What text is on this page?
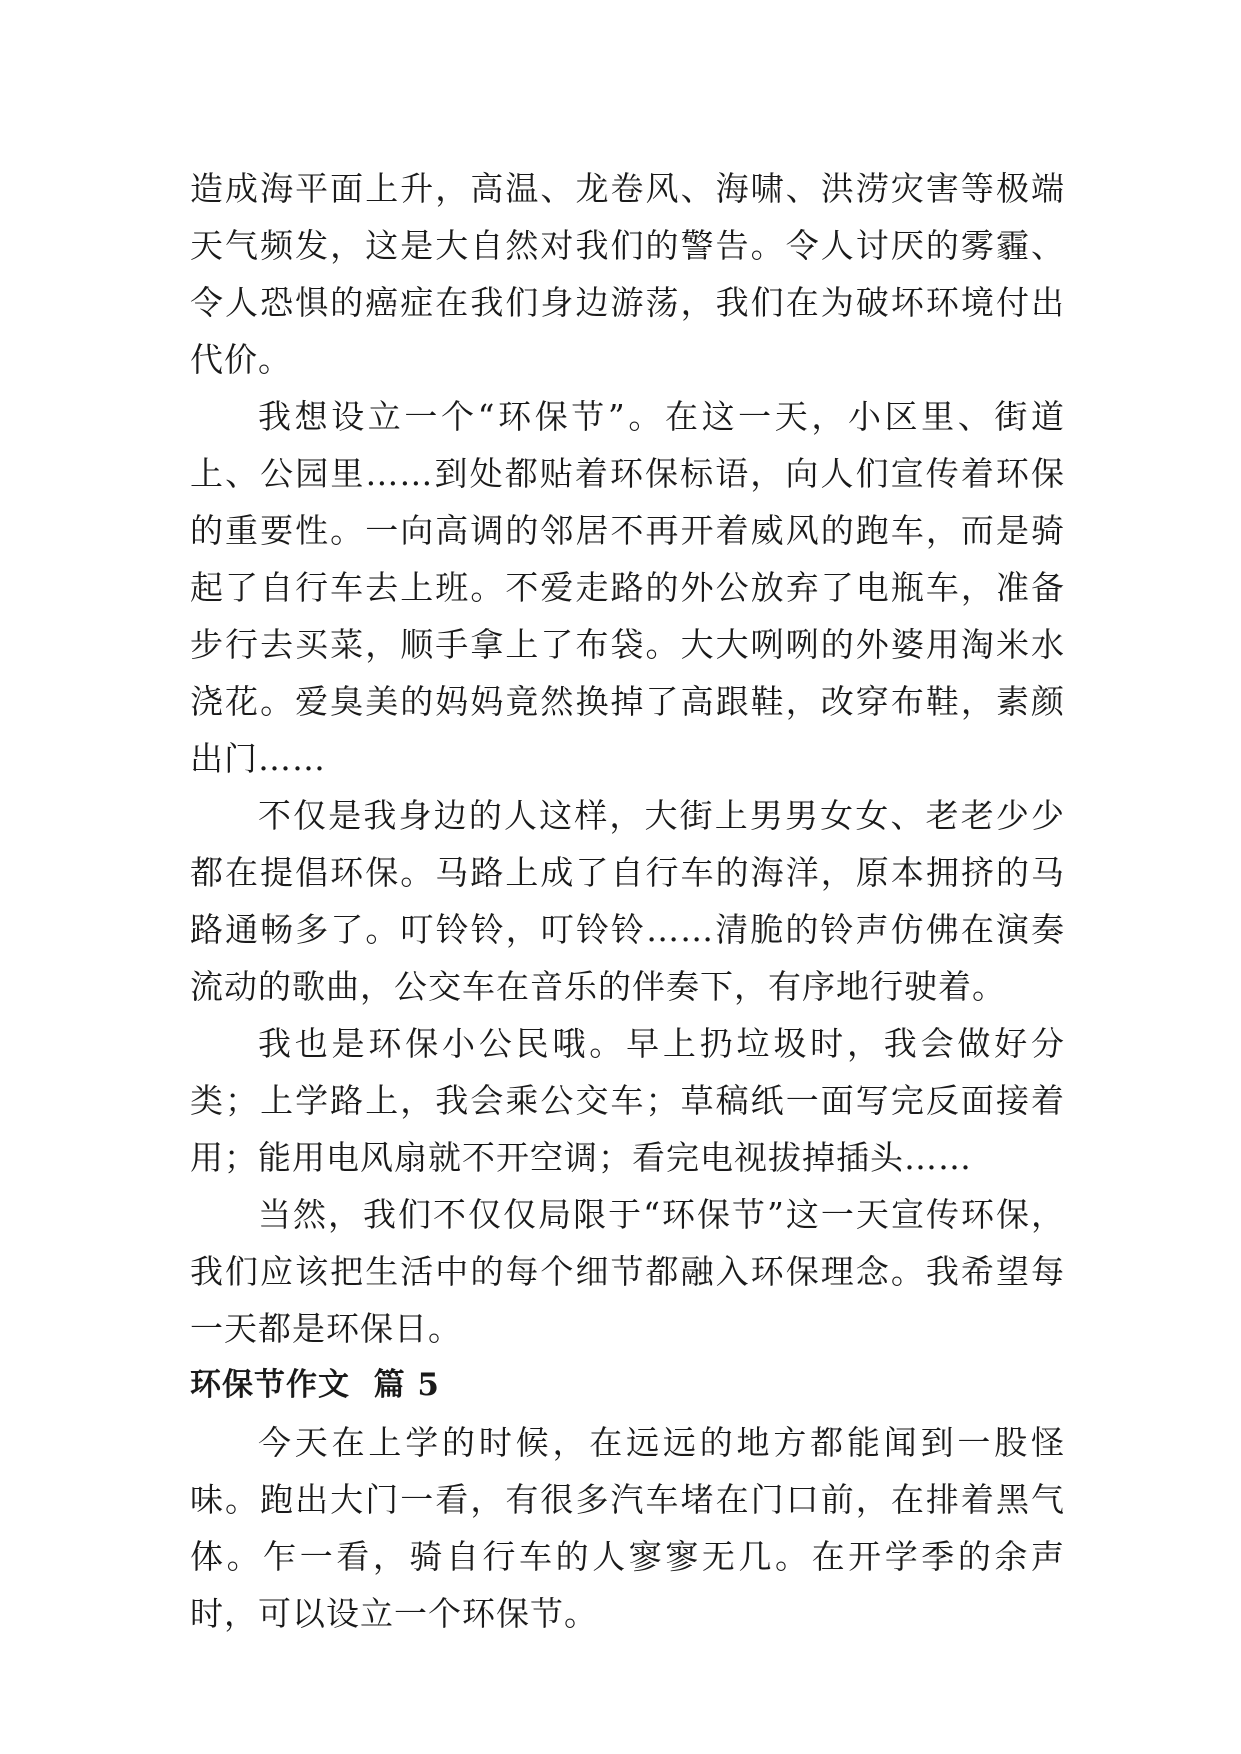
造成海平面上升，高温、龙卷风、海啸、洪涝灾害等极端天气频发，这是大自然对我们的警告。令人讨厌的雾霾、令人恐惧的癌症在我们身边游荡，我们在为破坏环境付出代价。

我想设立一个“环保节”。在这一天，小区里、街道上、公园里……到处都贴着环保标语，向人们宣传着环保的重要性。一向高调的邻居不再开着威风的跑车，而是骑起了自行车去上班。不爱走路的外公放弃了电瓶车，准备步行去买菜，顺手拿上了布袋。大大咧咧的外婆用淘米水浇花。爱臭美的妈妈竟然换掉了高跟鞋，改穿布鞋，素颜出门……

不仅是我身边的人这样，大街上男男女女、老老少少都在提倡环保。马路上成了自行车的海洋，原本拥挤的马路通畅多了。叮铃铃，叮铃铃……清脆的铃声仿佛在演奏流动的歌曲，公交车在音乐的伴奏下，有序地行驶着。

我也是环保小公民哦。早上扔垃圾时，我会做好分类；上学路上，我会乘公交车；草稿纸一面写完反面接着用；能用电风扇就不开空调；看完电视拔掉插头……

当然，我们不仅仅局限于“环保节”这一天宣传环保，我们应该把生活中的每个细节都融入环保理念。我希望每一天都是环保日。

环保节作文  篇 5

今天在上学的时候，在远远的地方都能闻到一股怪味。跑出大门一看，有很多汽车堵在门口前，在排着黑气体。乍一看，骑自行车的人寥寥无几。在开学季的余声时，可以设立一个环保节。
